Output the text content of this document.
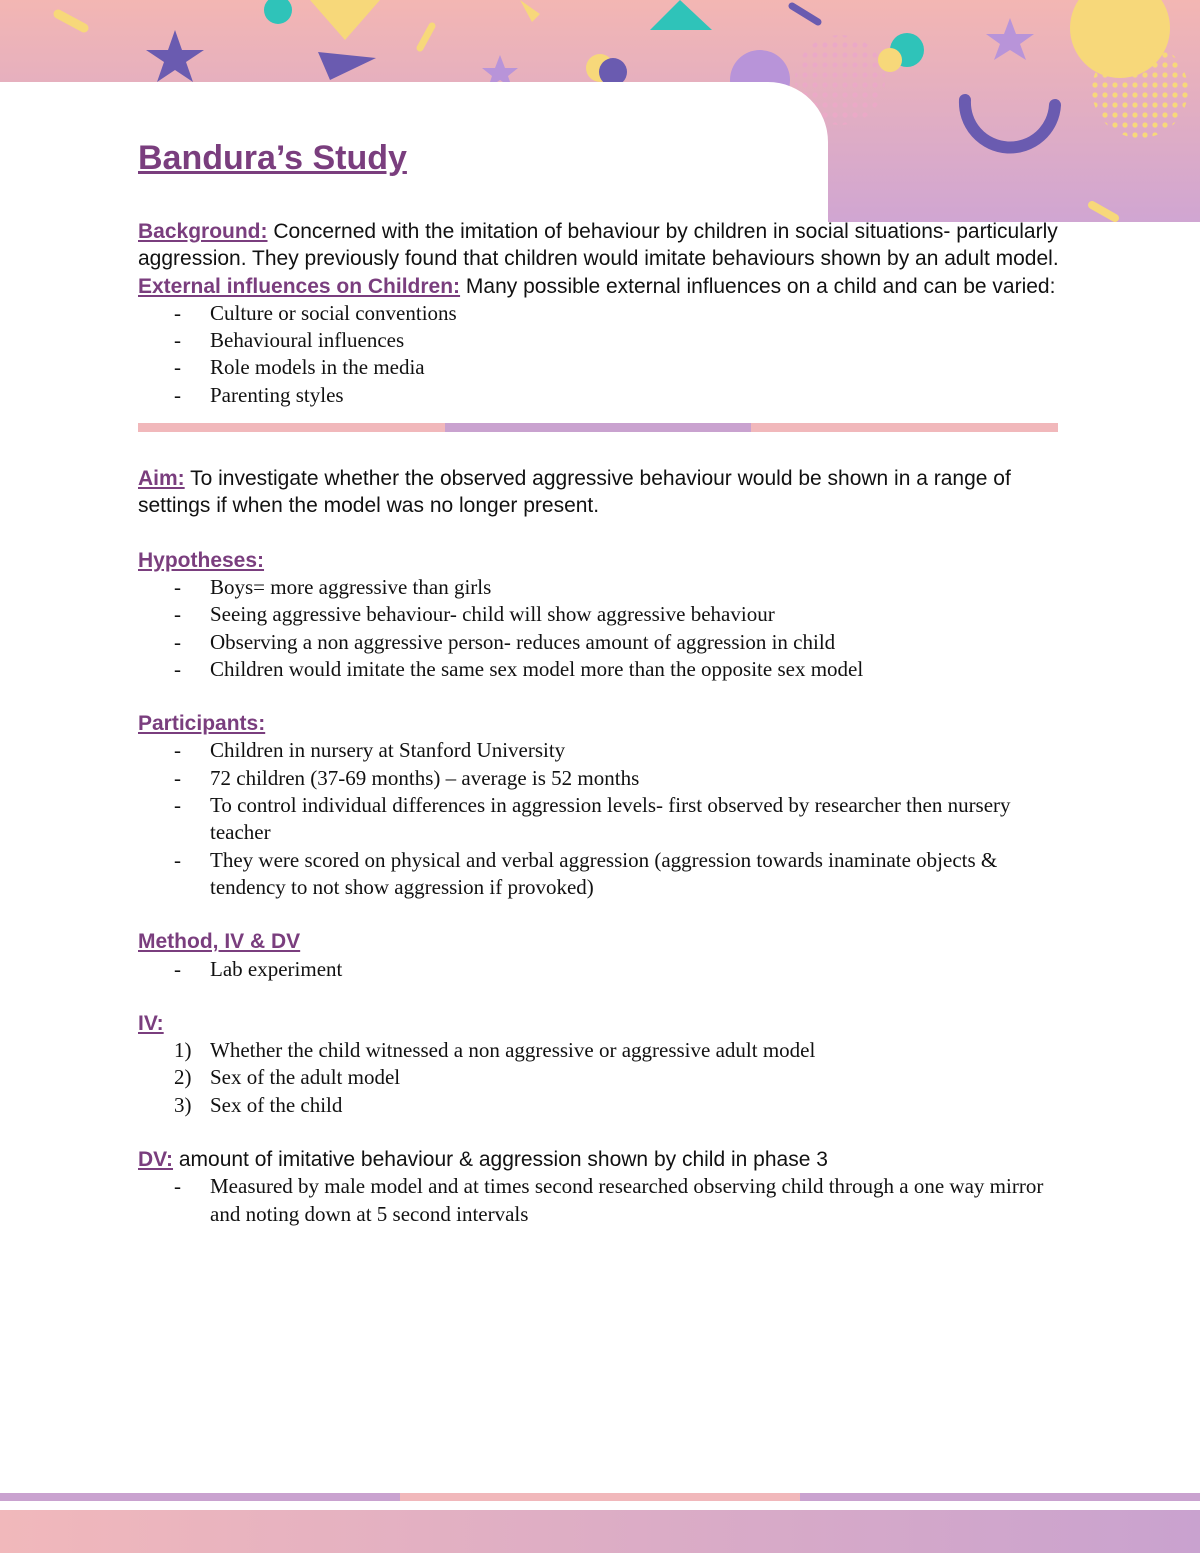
Bandura’s Study

Background: Concerned with the imitation of behaviour by children in social situations- particularly aggression. They previously found that children would imitate behaviours shown by an adult model.

External influences on Children: Many possible external influences on a child and can be varied:

- Culture or social conventions
- Behavioural influences
- Role models in the media
- Parenting styles

Aim: To investigate whether the observed aggressive behaviour would be shown in a range of settings if when the model was no longer present.

Hypotheses:

- Boys= more aggressive than girls
- Seeing aggressive behaviour- child will show aggressive behaviour
- Observing a non aggressive person- reduces amount of aggression in child
- Children would imitate the same sex model more than the opposite sex model

Participants:

- Children in nursery at Stanford University
- 72 children (37-69 months) – average is 52 months
- To control individual differences in aggression levels- first observed by researcher then nursery teacher
- They were scored on physical and verbal aggression (aggression towards inaminate objects & tendency to not show aggression if provoked)

Method, IV & DV

- Lab experiment

IV:

1) Whether the child witnessed a non aggressive or aggressive adult model
2) Sex of the adult model
3) Sex of the child

DV: amount of imitative behaviour & aggression shown by child in phase 3

- Measured by male model and at times second researched observing child through a one way mirror and noting down at 5 second intervals
